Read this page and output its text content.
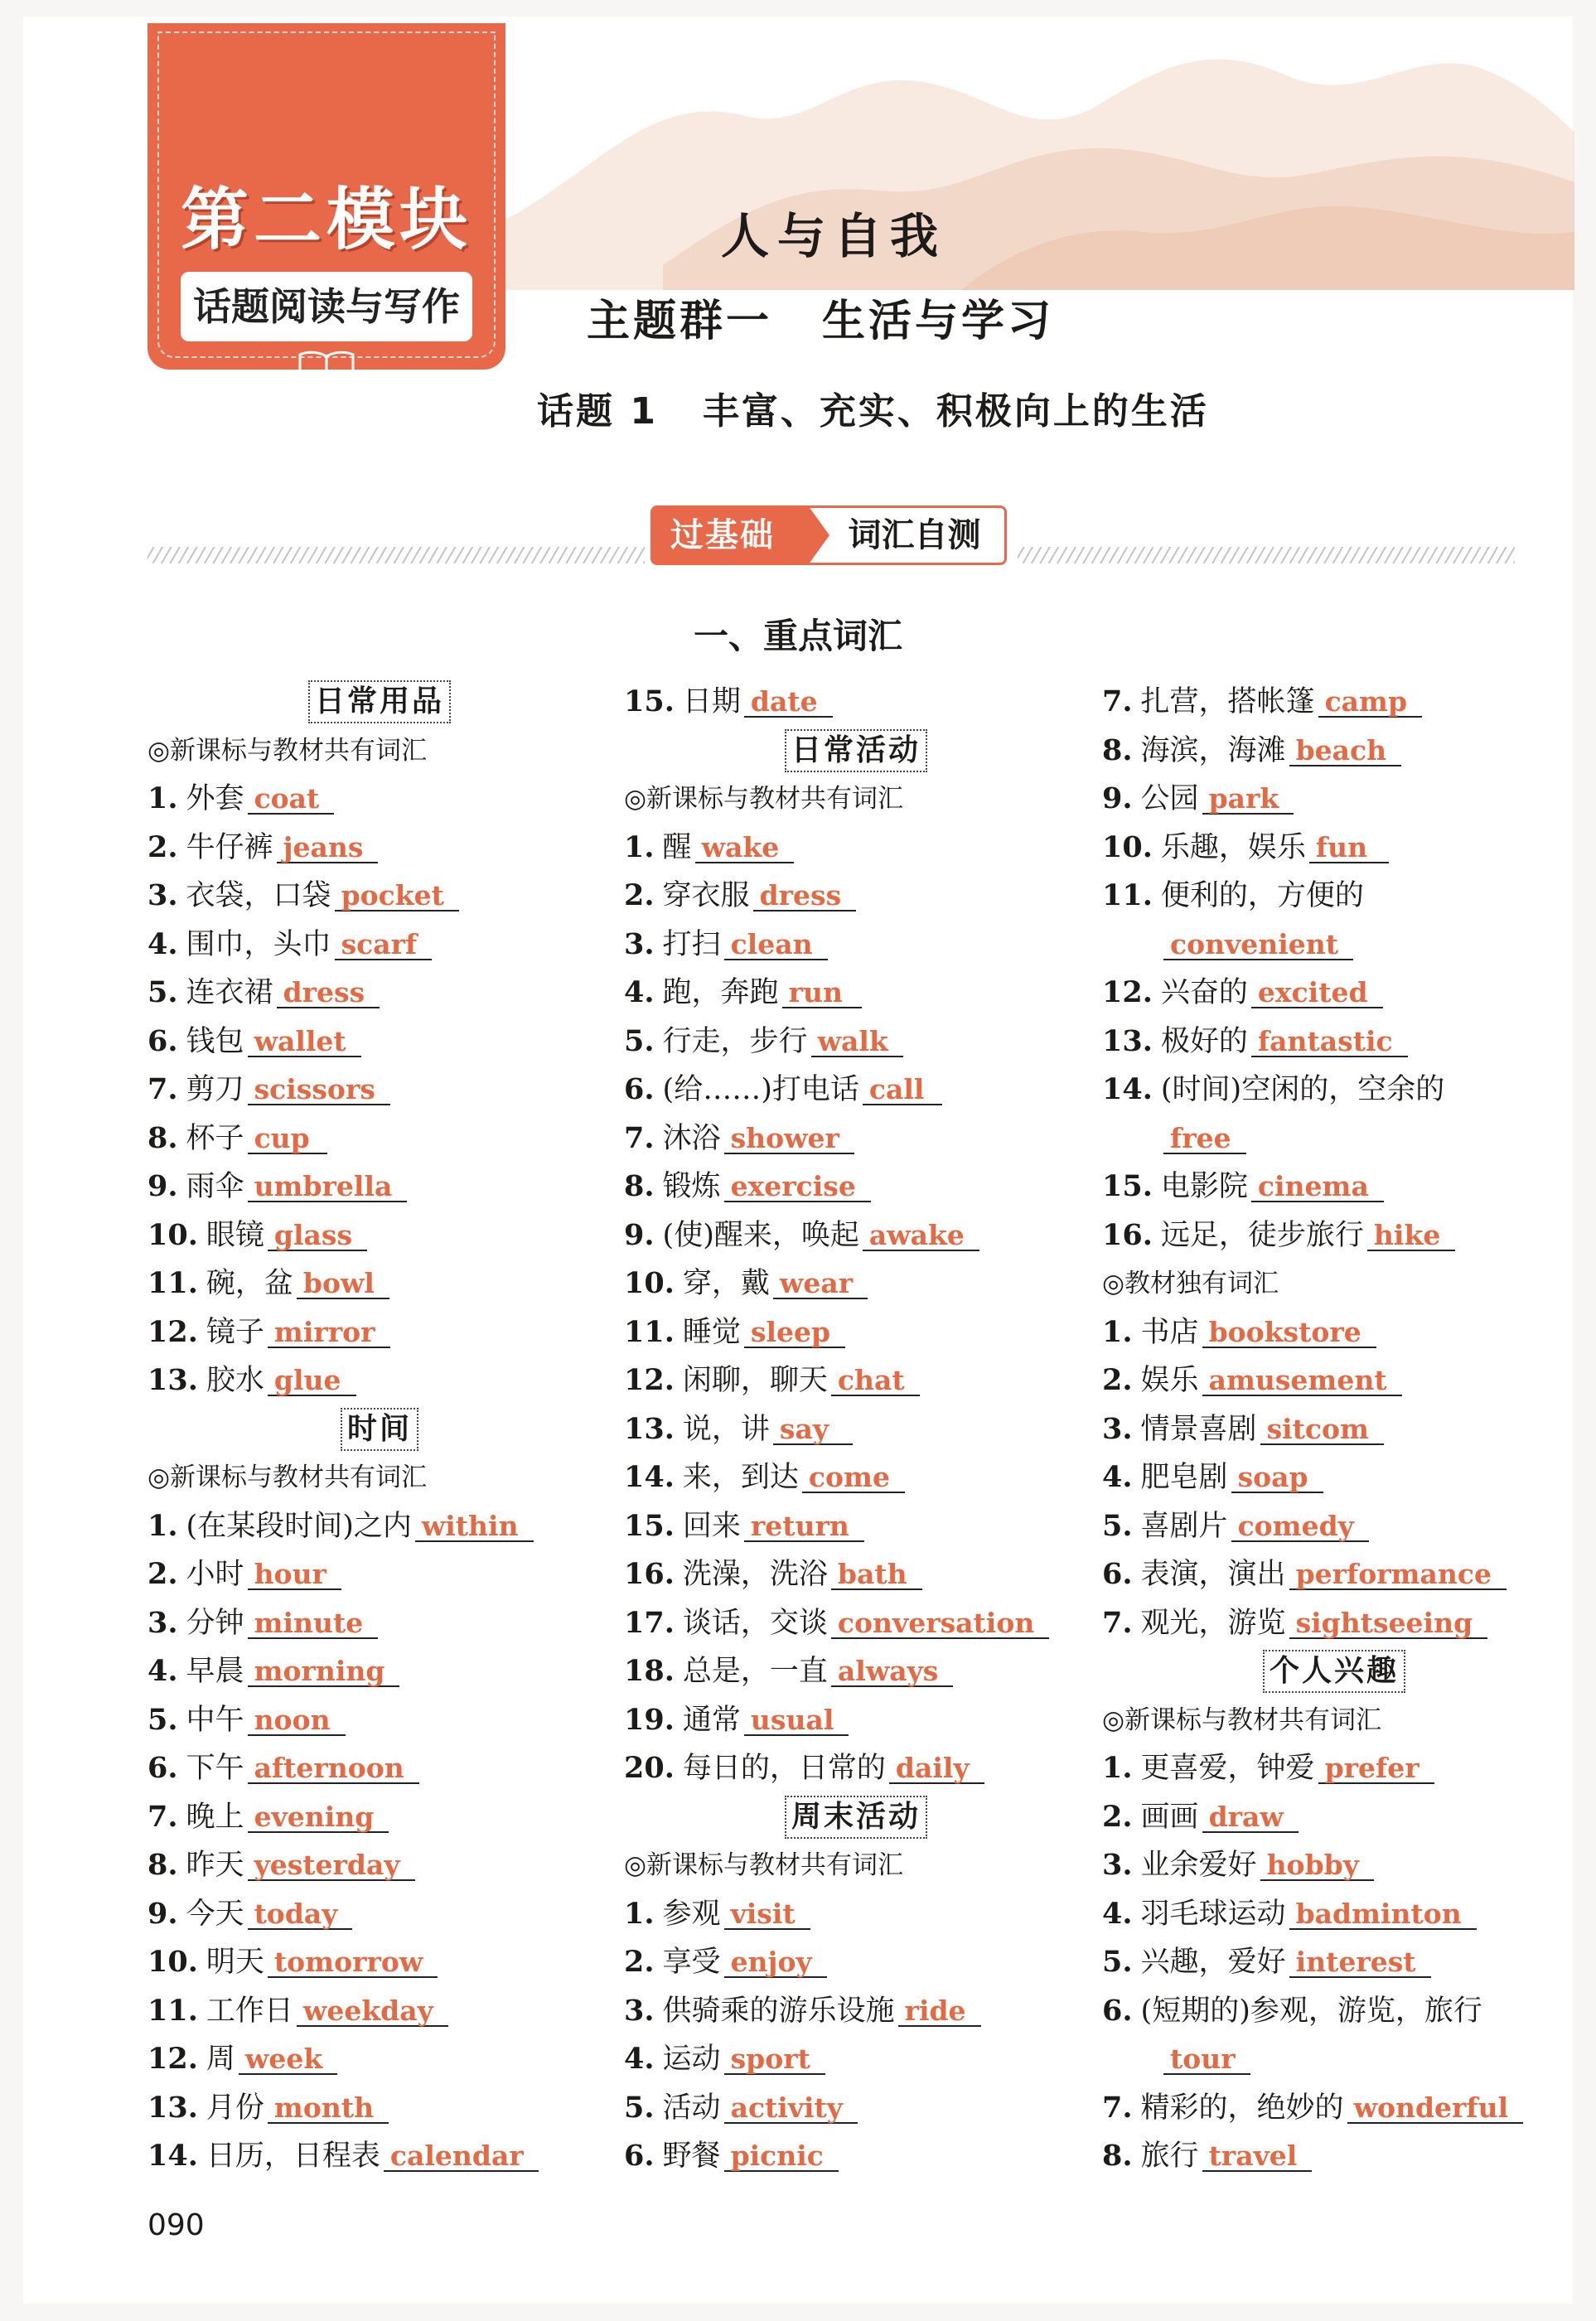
第二模块
话题阅读与写作
人与自我
主题群一 生活与学习
话题 1 丰富、充实、积极向上的生活
过基础	词汇自测
一、重点词汇
日常用品
◎新课标与教材共有词汇
1. 外套 coat
2. 牛仔裤 jeans
3. 衣袋，口袋 pocket
4. 围巾，头巾 scarf
5. 连衣裙 dress
6. 钱包 wallet
7. 剪刀 scissors
8. 杯子 cup
9. 雨伞 umbrella
10. 眼镜 glass
11. 碗，盆 bowl
12. 镜子 mirror
13. 胶水 glue
时间
◎新课标与教材共有词汇
1. (在某段时间)之内 within
2. 小时 hour
3. 分钟 minute
4. 早晨 morning
5. 中午 noon
6. 下午 afternoon
7. 晚上 evening
8. 昨天 yesterday
9. 今天 today
10. 明天 tomorrow
11. 工作日 weekday
12. 周 week
13. 月份 month
14. 日历，日程表 calendar
15. 日期 date
日常活动
◎新课标与教材共有词汇
1. 醒 wake
2. 穿衣服 dress
3. 打扫 clean
4. 跑，奔跑 run
5. 行走，步行 walk
6. (给……)打电话 call
7. 沐浴 shower
8. 锻炼 exercise
9. (使)醒来，唤起 awake
10. 穿，戴 wear
11. 睡觉 sleep
12. 闲聊，聊天 chat
13. 说，讲 say
14. 来，到达 come
15. 回来 return
16. 洗澡，洗浴 bath
17. 谈话，交谈 conversation
18. 总是，一直 always
19. 通常 usual
20. 每日的，日常的 daily
周末活动
◎新课标与教材共有词汇
1. 参观 visit
2. 享受 enjoy
3. 供骑乘的游乐设施 ride
4. 运动 sport
5. 活动 activity
6. 野餐 picnic
7. 扎营，搭帐篷 camp
8. 海滨，海滩 beach
9. 公园 park
10. 乐趣，娱乐 fun
11. 便利的，方便的
convenient
12. 兴奋的 excited
13. 极好的 fantastic
14. (时间)空闲的，空余的
free
15. 电影院 cinema
16. 远足，徒步旅行 hike
◎教材独有词汇
1. 书店 bookstore
2. 娱乐 amusement
3. 情景喜剧 sitcom
4. 肥皂剧 soap
5. 喜剧片 comedy
6. 表演，演出 performance
7. 观光，游览 sightseeing
个人兴趣
◎新课标与教材共有词汇
1. 更喜爱，钟爱 prefer
2. 画画 draw
3. 业余爱好 hobby
4. 羽毛球运动 badminton
5. 兴趣，爱好 interest
6. (短期的)参观，游览，旅行
tour
7. 精彩的，绝妙的 wonderful
8. 旅行 travel
090
